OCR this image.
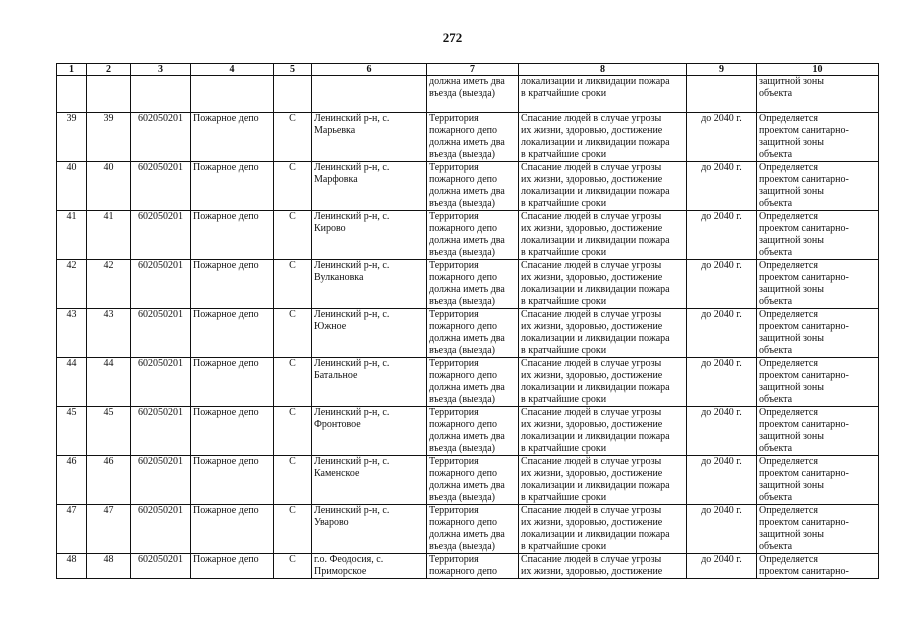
272
1	2	3	4	5	6	7	8	9	10

						должна иметь два
въезда (выезда)	локализации и ликвидации пожара
в кратчайшие сроки		защитной зоны
объекта

39	39	602050201	Пожарное депо	С	Ленинский р-н, с.
Марьевка	Территория
пожарного депо
должна иметь два
въезда (выезда)	Спасание людей в случае угрозы
их жизни, здоровью, достижение
локализации и ликвидации пожара
в кратчайшие сроки	до 2040 г.	Определяется
проектом санитарно-
защитной зоны
объекта

40	40	602050201	Пожарное депо	С	Ленинский р-н, с.
Марфовка	Территория
пожарного депо
должна иметь два
въезда (выезда)	Спасание людей в случае угрозы
их жизни, здоровью, достижение
локализации и ликвидации пожара
в кратчайшие сроки	до 2040 г.	Определяется
проектом санитарно-
защитной зоны
объекта

41	41	602050201	Пожарное депо	С	Ленинский р-н, с.
Кирово	Территория
пожарного депо
должна иметь два
въезда (выезда)	Спасание людей в случае угрозы
их жизни, здоровью, достижение
локализации и ликвидации пожара
в кратчайшие сроки	до 2040 г.	Определяется
проектом санитарно-
защитной зоны
объекта

42	42	602050201	Пожарное депо	С	Ленинский р-н, с.
Вулкановка	Территория
пожарного депо
должна иметь два
въезда (выезда)	Спасание людей в случае угрозы
их жизни, здоровью, достижение
локализации и ликвидации пожара
в кратчайшие сроки	до 2040 г.	Определяется
проектом санитарно-
защитной зоны
объекта

43	43	602050201	Пожарное депо	С	Ленинский р-н, с.
Южное	Территория
пожарного депо
должна иметь два
въезда (выезда)	Спасание людей в случае угрозы
их жизни, здоровью, достижение
локализации и ликвидации пожара
в кратчайшие сроки	до 2040 г.	Определяется
проектом санитарно-
защитной зоны
объекта

44	44	602050201	Пожарное депо	С	Ленинский р-н, с.
Батальное	Территория
пожарного депо
должна иметь два
въезда (выезда)	Спасание людей в случае угрозы
их жизни, здоровью, достижение
локализации и ликвидации пожара
в кратчайшие сроки	до 2040 г.	Определяется
проектом санитарно-
защитной зоны
объекта

45	45	602050201	Пожарное депо	С	Ленинский р-н, с.
Фронтовое	Территория
пожарного депо
должна иметь два
въезда (выезда)	Спасание людей в случае угрозы
их жизни, здоровью, достижение
локализации и ликвидации пожара
в кратчайшие сроки	до 2040 г.	Определяется
проектом санитарно-
защитной зоны
объекта

46	46	602050201	Пожарное депо	С	Ленинский р-н, с.
Каменское	Территория
пожарного депо
должна иметь два
въезда (выезда)	Спасание людей в случае угрозы
их жизни, здоровью, достижение
локализации и ликвидации пожара
в кратчайшие сроки	до 2040 г.	Определяется
проектом санитарно-
защитной зоны
объекта

47	47	602050201	Пожарное депо	С	Ленинский р-н, с.
Уварово	Территория
пожарного депо
должна иметь два
въезда (выезда)	Спасание людей в случае угрозы
их жизни, здоровью, достижение
локализации и ликвидации пожара
в кратчайшие сроки	до 2040 г.	Определяется
проектом санитарно-
защитной зоны
объекта

48	48	602050201	Пожарное депо	С	г.о. Феодосия, с.
Приморское	Территория
пожарного депо	Спасание людей в случае угрозы
их жизни, здоровью, достижение	до 2040 г.	Определяется
проектом санитарно-
